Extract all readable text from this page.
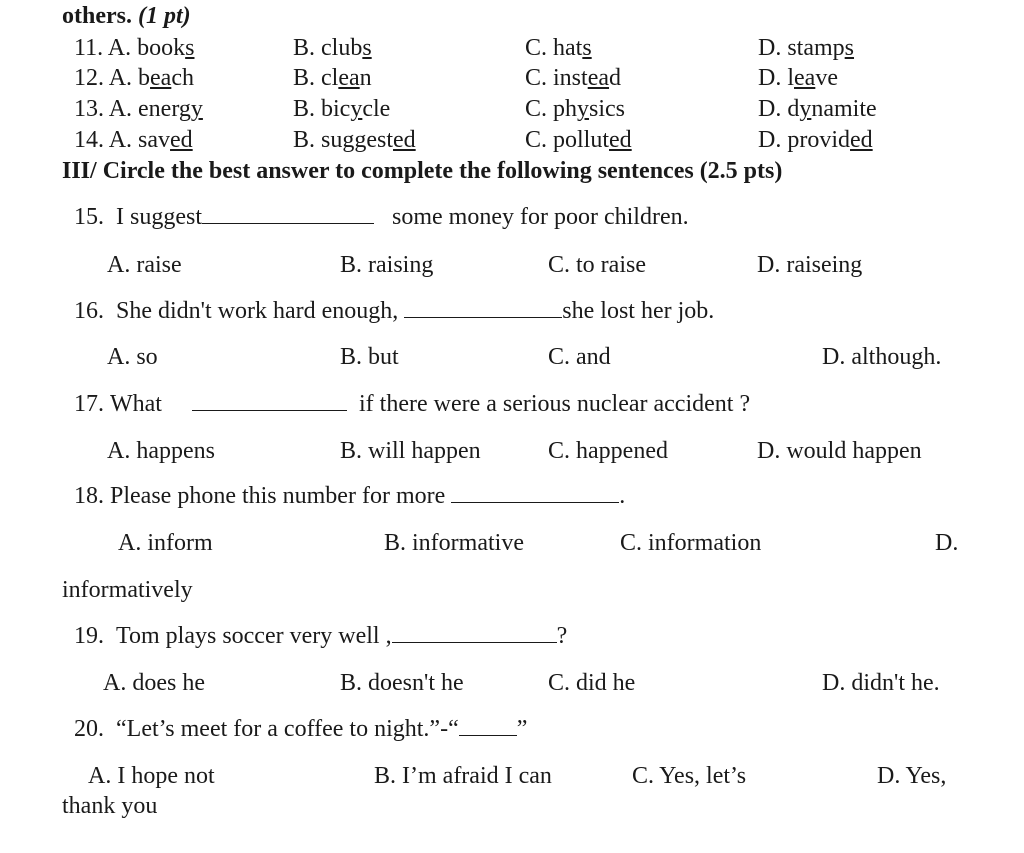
others. (1 pt)
11. A. books	B. clubs	C. hats	D. stamps
12. A. beach	B. clean	C. instead	D. leave
13. A. energy	B. bicycle	C. physics	D. dynamite
14. A. saved	B. suggested	C. polluted	D. provided
III/ Circle the best answer to complete the following sentences (2.5 pts)
15. I suggest	some money for poor children.
A. raise	B. raising	C. to raise	D. raiseing
16. She didn't work hard enough,	she lost her job.
A. so	B. but	C. and	D. although.
17. What	if there were a serious nuclear accident ?
A. happens	B. will happen	C. happened	D. would happen
18. Please phone this number for more	.
A. inform	B. informative	C. information	D.
informatively
19. Tom plays soccer very well ,	?
A. does he	B. doesn't he	C. did he	D. didn't he.
20. “Let’s meet for a coffee to night.”-“ ”
A. I hope not	B. I’m afraid I can	C. Yes, let’s	D. Yes,
thank you
